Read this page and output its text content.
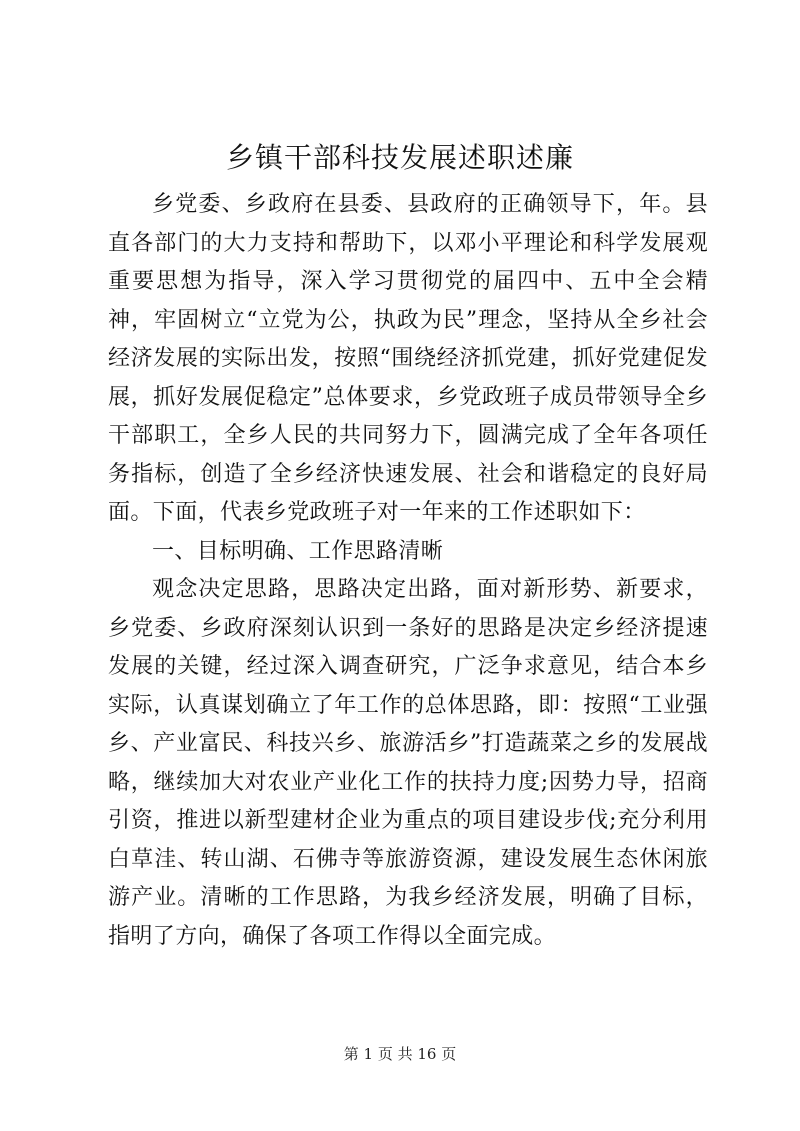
乡镇干部科技发展述职述廉

乡党委、乡政府在县委、县政府的正确领导下，年。县直各部门的大力支持和帮助下，以邓小平理论和科学发展观重要思想为指导，深入学习贯彻党的届四中、五中全会精神，牢固树立“立党为公，执政为民”理念，坚持从全乡社会经济发展的实际出发，按照“围绕经济抓党建，抓好党建促发展，抓好发展促稳定”总体要求，乡党政班子成员带领导全乡干部职工，全乡人民的共同努力下，圆满完成了全年各项任务指标，创造了全乡经济快速发展、社会和谐稳定的良好局面。下面，代表乡党政班子对一年来的工作述职如下：

一、目标明确、工作思路清晰

观念决定思路，思路决定出路，面对新形势、新要求，乡党委、乡政府深刻认识到一条好的思路是决定乡经济提速发展的关键，经过深入调查研究，广泛争求意见，结合本乡实际，认真谋划确立了年工作的总体思路，即：按照“工业强乡、产业富民、科技兴乡、旅游活乡”打造蔬菜之乡的发展战略，继续加大对农业产业化工作的扶持力度;因势力导，招商引资，推进以新型建材企业为重点的项目建设步伐;充分利用白草洼、转山湖、石佛寺等旅游资源，建设发展生态休闲旅游产业。清晰的工作思路，为我乡经济发展，明确了目标，指明了方向，确保了各项工作得以全面完成。

第 1 页 共 16 页
